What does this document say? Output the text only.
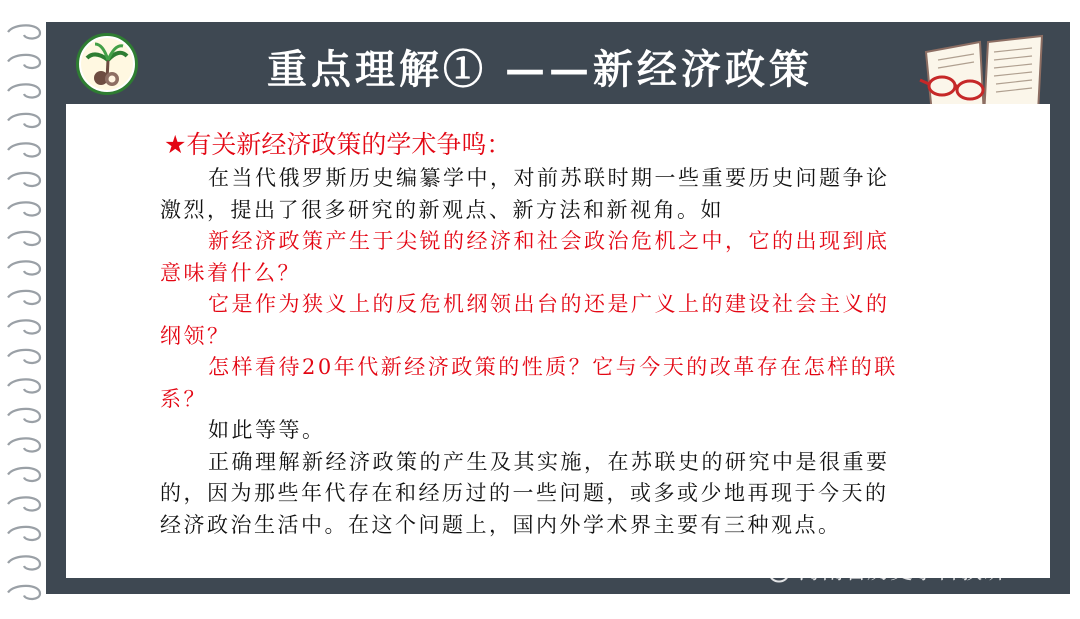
重点理解① ——新经济政策
★有关新经济政策的学术争鸣：

在当代俄罗斯历史编纂学中，对前苏联时期一些重要历史问题争论激烈，提出了很多研究的新观点、新方法和新视角。如

新经济政策产生于尖锐的经济和社会政治危机之中，它的出现到底意味着什么？

它是作为狭义上的反危机纲领出台的还是广义上的建设社会主义的纲领？

怎样看待20年代新经济政策的性质？它与今天的改革存在怎样的联系？

如此等等。

正确理解新经济政策的产生及其实施，在苏联史的研究中是很重要的，因为那些年代存在和经历过的一些问题，或多或少地再现于今天的经济政治生活中。在这个问题上，国内外学术界主要有三种观点。

海南省历史学科教研
